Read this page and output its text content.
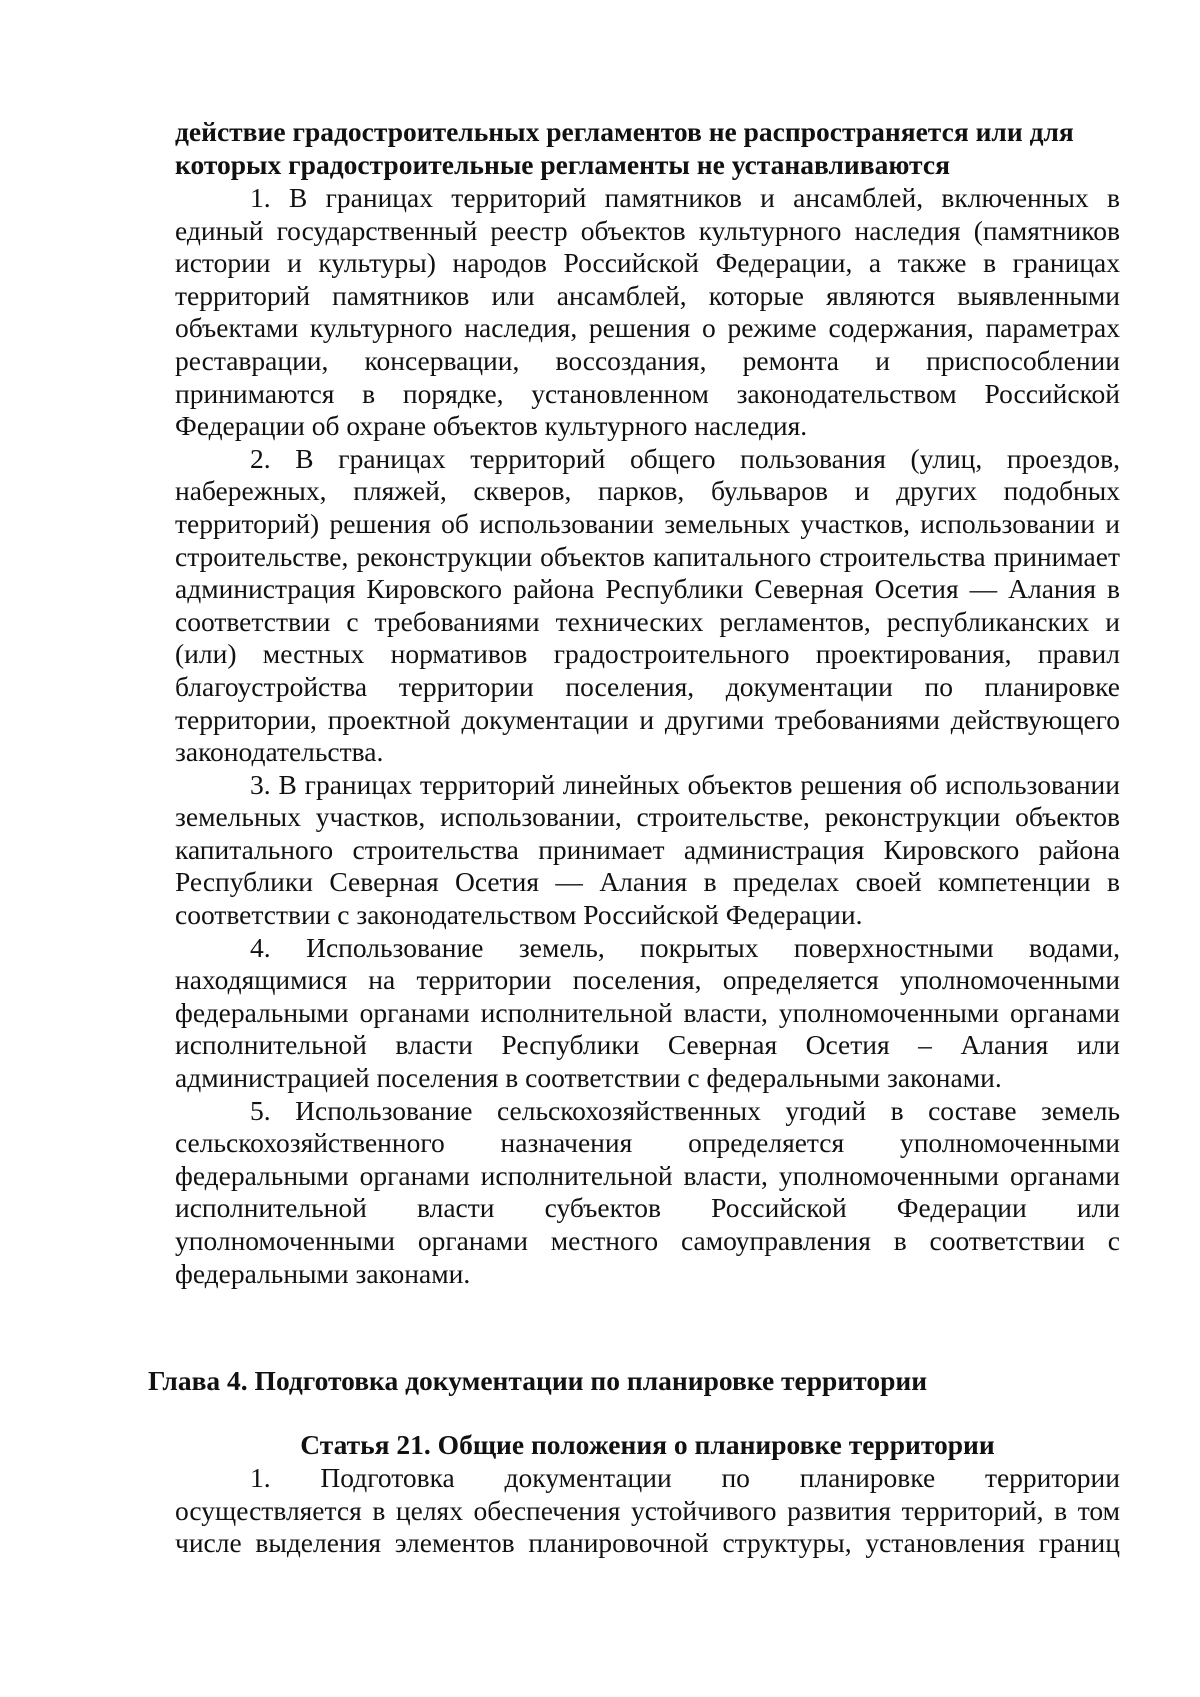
действие градостроительных регламентов не распространяется или для
которых градостроительные регламенты не устанавливаются

1. В границах территорий памятников и ансамблей, включенных в единый государственный реестр объектов культурного наследия (памятников истории и культуры) народов Российской Федерации, а также в границах территорий памятников или ансамблей, которые являются выявленными объектами культурного наследия, решения о режиме содержания, параметрах реставрации, консервации, воссоздания, ремонта и приспособлении принимаются в порядке, установленном законодательством Российской Федерации об охране объектов культурного наследия.

2. В границах территорий общего пользования (улиц, проездов, набережных, пляжей, скверов, парков, бульваров и других подобных территорий) решения об использовании земельных участков, использовании и строительстве, реконструкции объектов капитального строительства принимает администрация Кировского района Республики Северная Осетия — Алания в соответствии с требованиями технических регламентов, республиканских и (или) местных нормативов градостроительного проектирования, правил благоустройства территории поселения, документации по планировке территории, проектной документации и другими требованиями действующего законодательства.

3. В границах территорий линейных объектов решения об использовании земельных участков, использовании, строительстве, реконструкции объектов капитального строительства принимает администрация Кировского района Республики Северная Осетия — Алания в пределах своей компетенции в соответствии с законодательством Российской Федерации.

4. Использование земель, покрытых поверхностными водами, находящимися на территории поселения, определяется уполномоченными федеральными органами исполнительной власти, уполномоченными органами исполнительной власти Республики Северная Осетия – Алания или администрацией поселения в соответствии с федеральными законами.

5. Использование сельскохозяйственных угодий в составе земель сельскохозяйственного назначения определяется уполномоченными федеральными органами исполнительной власти, уполномоченными органами исполнительной власти субъектов Российской Федерации или уполномоченными органами местного самоуправления в соответствии с федеральными законами.

Глава 4. Подготовка документации по планировке территории
Статья 21. Общие положения о планировке территории
1. Подготовка документации по планировке территории
осуществляется в целях обеспечения устойчивого развития территорий, в том
числе выделения элементов планировочной структуры, установления границ
